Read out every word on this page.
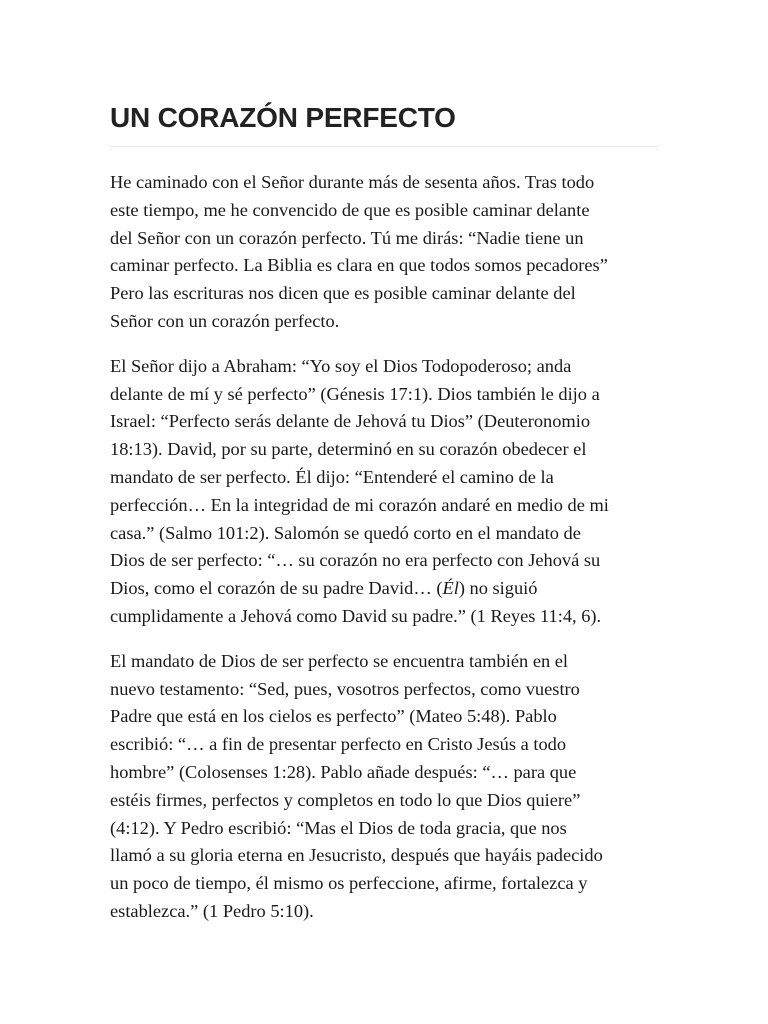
UN CORAZÓN PERFECTO

He caminado con el Señor durante más de sesenta años. Tras todo
este tiempo, me he convencido de que es posible caminar delante
del Señor con un corazón perfecto. Tú me dirás: “Nadie tiene un
caminar perfecto. La Biblia es clara en que todos somos pecadores”
Pero las escrituras nos dicen que es posible caminar delante del
Señor con un corazón perfecto.

El Señor dijo a Abraham: “Yo soy el Dios Todopoderoso; anda
delante de mí y sé perfecto” (Génesis 17:1). Dios también le dijo a
Israel: “Perfecto serás delante de Jehová tu Dios” (Deuteronomio
18:13). David, por su parte, determinó en su corazón obedecer el
mandato de ser perfecto. Él dijo: “Entenderé el camino de la
perfección… En la integridad de mi corazón andaré en medio de mi
casa.” (Salmo 101:2). Salomón se quedó corto en el mandato de
Dios de ser perfecto: “… su corazón no era perfecto con Jehová su
Dios, como el corazón de su padre David… (Él) no siguió
cumplidamente a Jehová como David su padre.” (1 Reyes 11:4, 6).

El mandato de Dios de ser perfecto se encuentra también en el
nuevo testamento: “Sed, pues, vosotros perfectos, como vuestro
Padre que está en los cielos es perfecto” (Mateo 5:48). Pablo
escribió: “… a fin de presentar perfecto en Cristo Jesús a todo
hombre” (Colosenses 1:28). Pablo añade después: “… para que
estéis firmes, perfectos y completos en todo lo que Dios quiere”
(4:12). Y Pedro escribió: “Mas el Dios de toda gracia, que nos
llamó a su gloria eterna en Jesucristo, después que hayáis padecido
un poco de tiempo, él mismo os perfeccione, afirme, fortalezca y
establezca.” (1 Pedro 5:10).
